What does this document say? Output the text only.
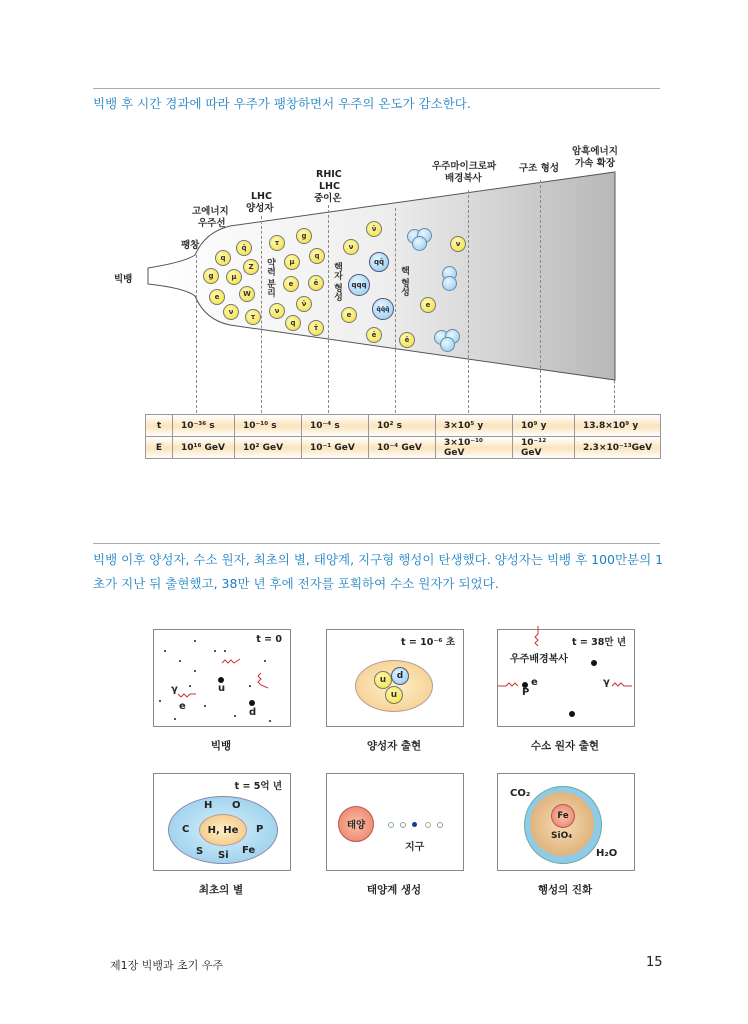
빅뱅 후 시간 경과에 따라 우주가 팽창하면서 우주의 온도가 감소한다.
빅뱅
팽창
고에너지
우주선
LHC
양성자
RHIC
LHC
중이온
우주마이크로파
배경복사
구조 형성
암흑에너지
가속 확장
약력 분리	핵자 형성	핵 형성
q̄
q
Z
g	μ
e	W
ν
τ
τ
g
μ
q
e	ē
ν̄
ν
q
τ̄
ν̄
ν
qq̄
qqq
q̄q̄q̄
e
ē
ν
e
ē
t	10⁻³⁶ s	10⁻¹⁰ s	10⁻⁴ s	10² s	3×10⁵ y	10⁹ y	13.8×10⁹ y
E	10¹⁶ GeV	10² GeV	10⁻¹ GeV	10⁻⁴ GeV	3×10⁻¹⁰ GeV	10⁻¹² GeV	2.3×10⁻¹³GeV
빅뱅 이후 양성자, 수소 원자, 최초의 별, 태양계, 지구형 행성이 탄생했다. 양성자는 빅뱅 후 100만분의 1초가 지난 뒤 출현했고, 38만 년 후에 전자를 포획하여 수소 원자가 되었다.
t = 0
u
d
γ
e
빅뱅
t = 10⁻⁶ 초
u	d
u
양성자 출현
t = 38만 년
우주배경복사
e
P
γ
수소 원자 출현
t = 5억 년
H, He
H O
C	P
S Si Fe
최초의 별
태양
지구
태양계 생성
CO₂
Fe
SiO₄
H₂O
행성의 진화
제1장 빅뱅과 초기 우주	15
